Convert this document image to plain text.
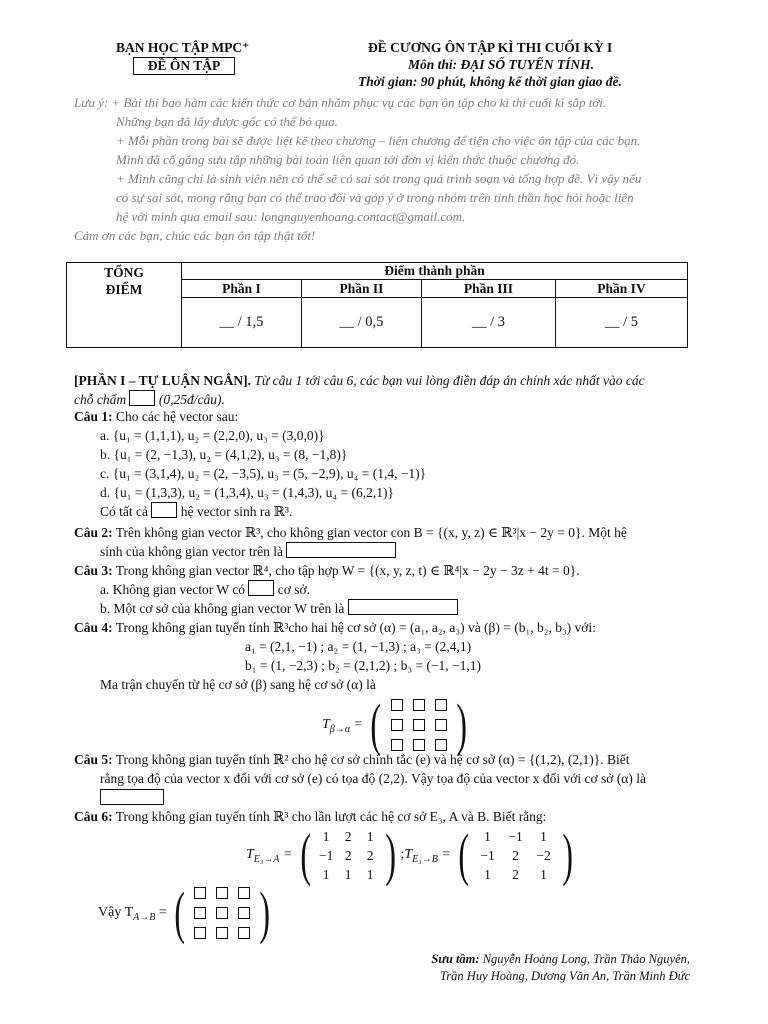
BẠN HỌC TẬP MPC⁺
ĐỀ ÔN TẬP
ĐỀ CƯƠNG ÔN TẬP KÌ THI CUỐI KỲ I
Môn thi: ĐẠI SỐ TUYẾN TÍNH.
Thời gian: 90 phút, không kể thời gian giao đề.
Lưu ý: + Bài thi bao hàm các kiến thức cơ bản nhằm phục vụ các bạn ôn tập cho kì thi cuối kì sắp tới.
Những bạn đã lấy được gốc có thể bỏ qua.
+ Mỗi phần trong bài sẽ được liệt kê theo chương – liên chương để tiện cho việc ôn tập của các bạn.
Mình đã cố gắng sưu tập những bài toán liên quan tới đơn vị kiến thức thuộc chương đó.
+ Mình cũng chỉ là sinh viên nên có thể sẽ có sai sót trong quá trình soạn và tổng hợp đề. Vì vậy nếu
có sự sai sót, mong rằng bạn có thể trao đổi và góp ý ở trong nhóm trên tinh thần học hỏi hoặc liên
hệ với mình qua email sau: longnguyenhoang.contact@gmail.com.
Cảm ơn các bạn, chúc các bạn ôn tập thật tốt!
TỔNG
ĐIỂM	Điểm thành phần			
	Phần I	Phần II	Phần III	Phần IV
	__ / 1,5	__ / 0,5	__ / 3	__ / 5
[PHẦN I – TỰ LUẬN NGẮN]. Từ câu 1 tới câu 6, các bạn vui lòng điền đáp án chính xác nhất vào các
chỗ chấm (0,25đ/câu).
Câu 1: Cho các hệ vector sau:
a. {u₁ = (1,1,1), u₂ = (2,2,0), u₃ = (3,0,0)}
b. {u₁ = (2, −1,3), u₂ = (4,1,2), u₃ = (8, −1,8)}
c. {u₁ = (3,1,4), u₂ = (2, −3,5), u₃ = (5, −2,9), u₄ = (1,4, −1)}
d. {u₁ = (1,3,3), u₂ = (1,3,4), u₃ = (1,4,3), u₄ = (6,2,1)}
Có tất cả hệ vector sinh ra ℝ³.
Câu 2: Trên không gian vector ℝ³, cho không gian vector con B = {(x, y, z) ∈ ℝ³|x − 2y = 0}. Một hệ
sinh của không gian vector trên là
Câu 3: Trong không gian vector ℝ⁴, cho tập hợp W = {(x, y, z, t) ∈ ℝ⁴|x − 2y − 3z + 4t = 0}.
a. Không gian vector W có cơ sở.
b. Một cơ sở của không gian vector W trên là
Câu 4: Trong không gian tuyến tính ℝ³cho hai hệ cơ sở (α) = (a₁, a₂, a₃) và (β) = (b₁, b₂, b₃) với:
a₁ = (2,1, −1) ; a₂ = (1, −1,3) ; a₃ = (2,4,1)
b₁ = (1, −2,3) ; b₂ = (2,1,2) ; b₃ = (−1, −1,1)
Ma trận chuyển từ hệ cơ sở (β) sang hệ cơ sở (α) là
$T_{\beta\to\alpha}$ = ( )
Câu 5: Trong không gian tuyến tính ℝ² cho hệ cơ sở chính tắc (e) và hệ cơ sở (α) = {(1,2), (2,1)}. Biết
rằng tọa độ của vector x đối với cơ sở (e) có tọa độ (2,2). Vậy tọa độ của vector x đối với cơ sở (α) là
Câu 6: Trong không gian tuyến tính ℝ³ cho lần lượt các hệ cơ sở E₃, A và B. Biết rằng:
$T_{E_3\to A}$ = ( 1	2	1
−1 2	2
1	1	1 ) $;T_{E_3\to B}$ = (	1	−1	1
−1	2	−2
1	2	1 )
Vậy $T_{A\to B}$ = ( )
Sưu tầm: Nguyễn Hoàng Long, Trần Thảo Nguyên,
Trần Huy Hoàng, Dương Văn An, Trần Minh Đức
